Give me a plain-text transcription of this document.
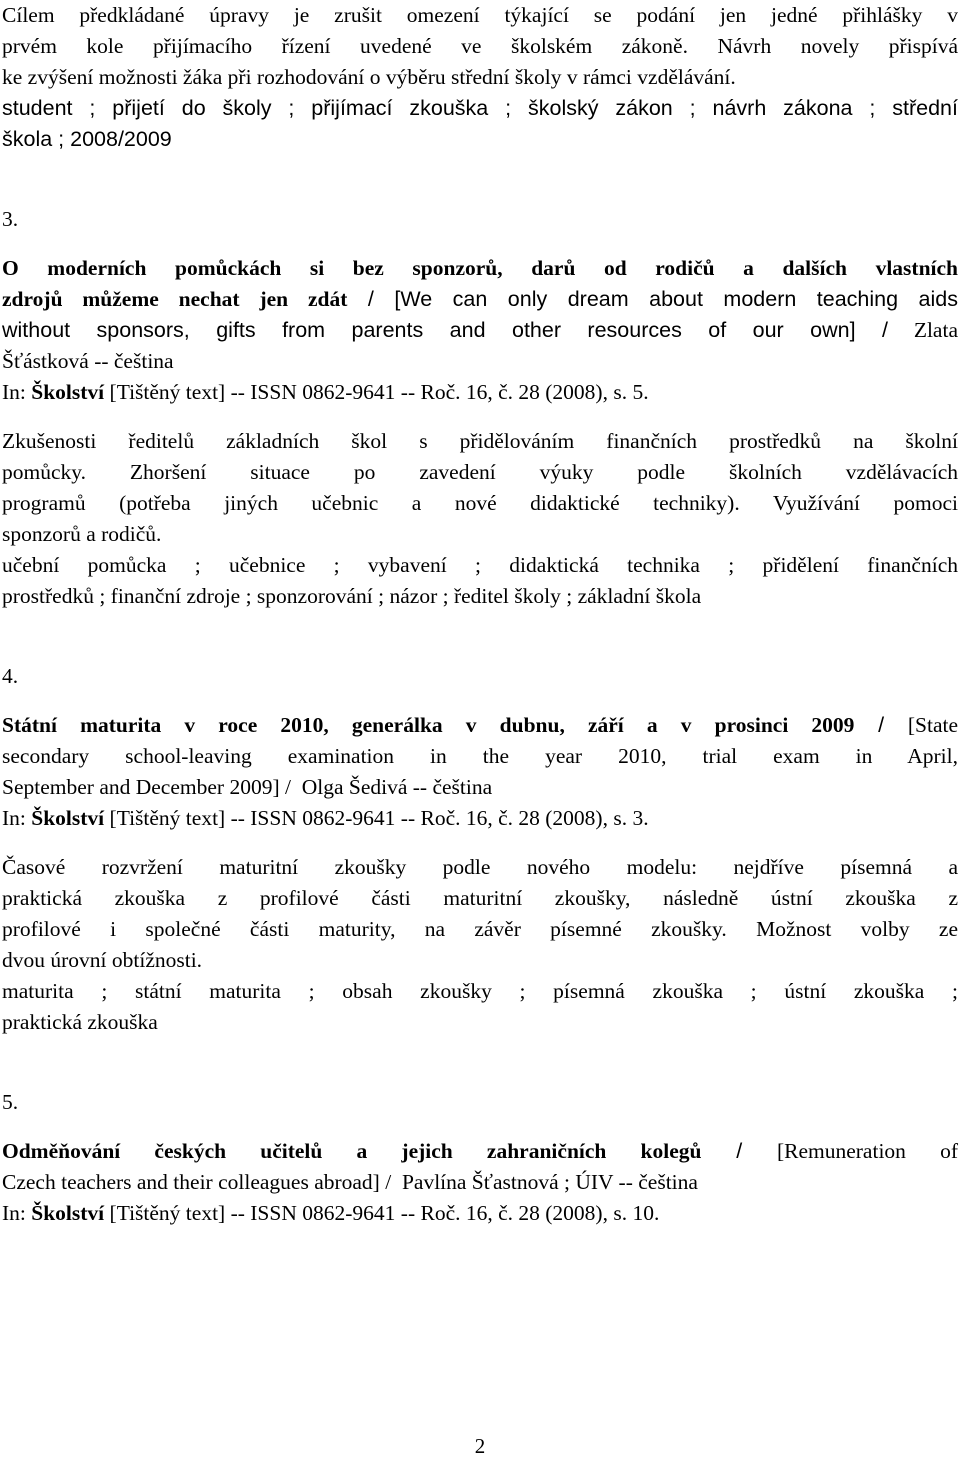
Cílem předkládané úpravy je zrušit omezení týkající se podání jen jedné přihlášky v
prvém kole přijímacího řízení uvedené ve školském zákoně. Návrh novely přispívá
ke zvýšení možnosti žáka při rozhodování o výběru střední školy v rámci vzdělávání.
student ; přijetí do školy ; přijímací zkouška ; školský zákon ; návrh zákona ; střední
škola ; 2008/2009
3.
O moderních pomůckách si bez sponzorů, darů od rodičů a dalších vlastních
zdrojů můžeme nechat jen zdát / [We can only dream about modern teaching aids
without sponsors, gifts from parents and other resources of our own] / Zlata
Šťástková -- čeština
In: Školství [Tištěný text] -- ISSN 0862-9641 -- Roč. 16, č. 28 (2008), s. 5.
Zkušenosti ředitelů základních škol s přidělováním finančních prostředků na školní
pomůcky. Zhoršení situace po zavedení výuky podle školních vzdělávacích
programů (potřeba jiných učebnic a nové didaktické techniky). Využívání pomoci
sponzorů a rodičů.
učební pomůcka ; učebnice ; vybavení ; didaktická technika ; přidělení finančních
prostředků ; finanční zdroje ; sponzorování ; názor ; ředitel školy ; základní škola
4.
Státní maturita v roce 2010, generálka v dubnu, září a v prosinci 2009 / [State
secondary school-leaving examination in the year 2010, trial exam in April,
September and December 2009] /  Olga Šedivá -- čeština
In: Školství [Tištěný text] -- ISSN 0862-9641 -- Roč. 16, č. 28 (2008), s. 3.
Časové rozvržení maturitní zkoušky podle nového modelu: nejdříve písemná a
praktická zkouška z profilové části maturitní zkoušky, následně ústní zkouška z
profilové i společné části maturity, na závěr písemné zkoušky. Možnost volby ze
dvou úrovní obtížnosti.
maturita ; státní maturita ; obsah zkoušky ; písemná zkouška ; ústní zkouška ;
praktická zkouška
5.
Odměňování českých učitelů a jejich zahraničních kolegů / [Remuneration of
Czech teachers and their colleagues abroad] /  Pavlína Šťastnová ; ÚIV -- čeština
In: Školství [Tištěný text] -- ISSN 0862-9641 -- Roč. 16, č. 28 (2008), s. 10.
2
